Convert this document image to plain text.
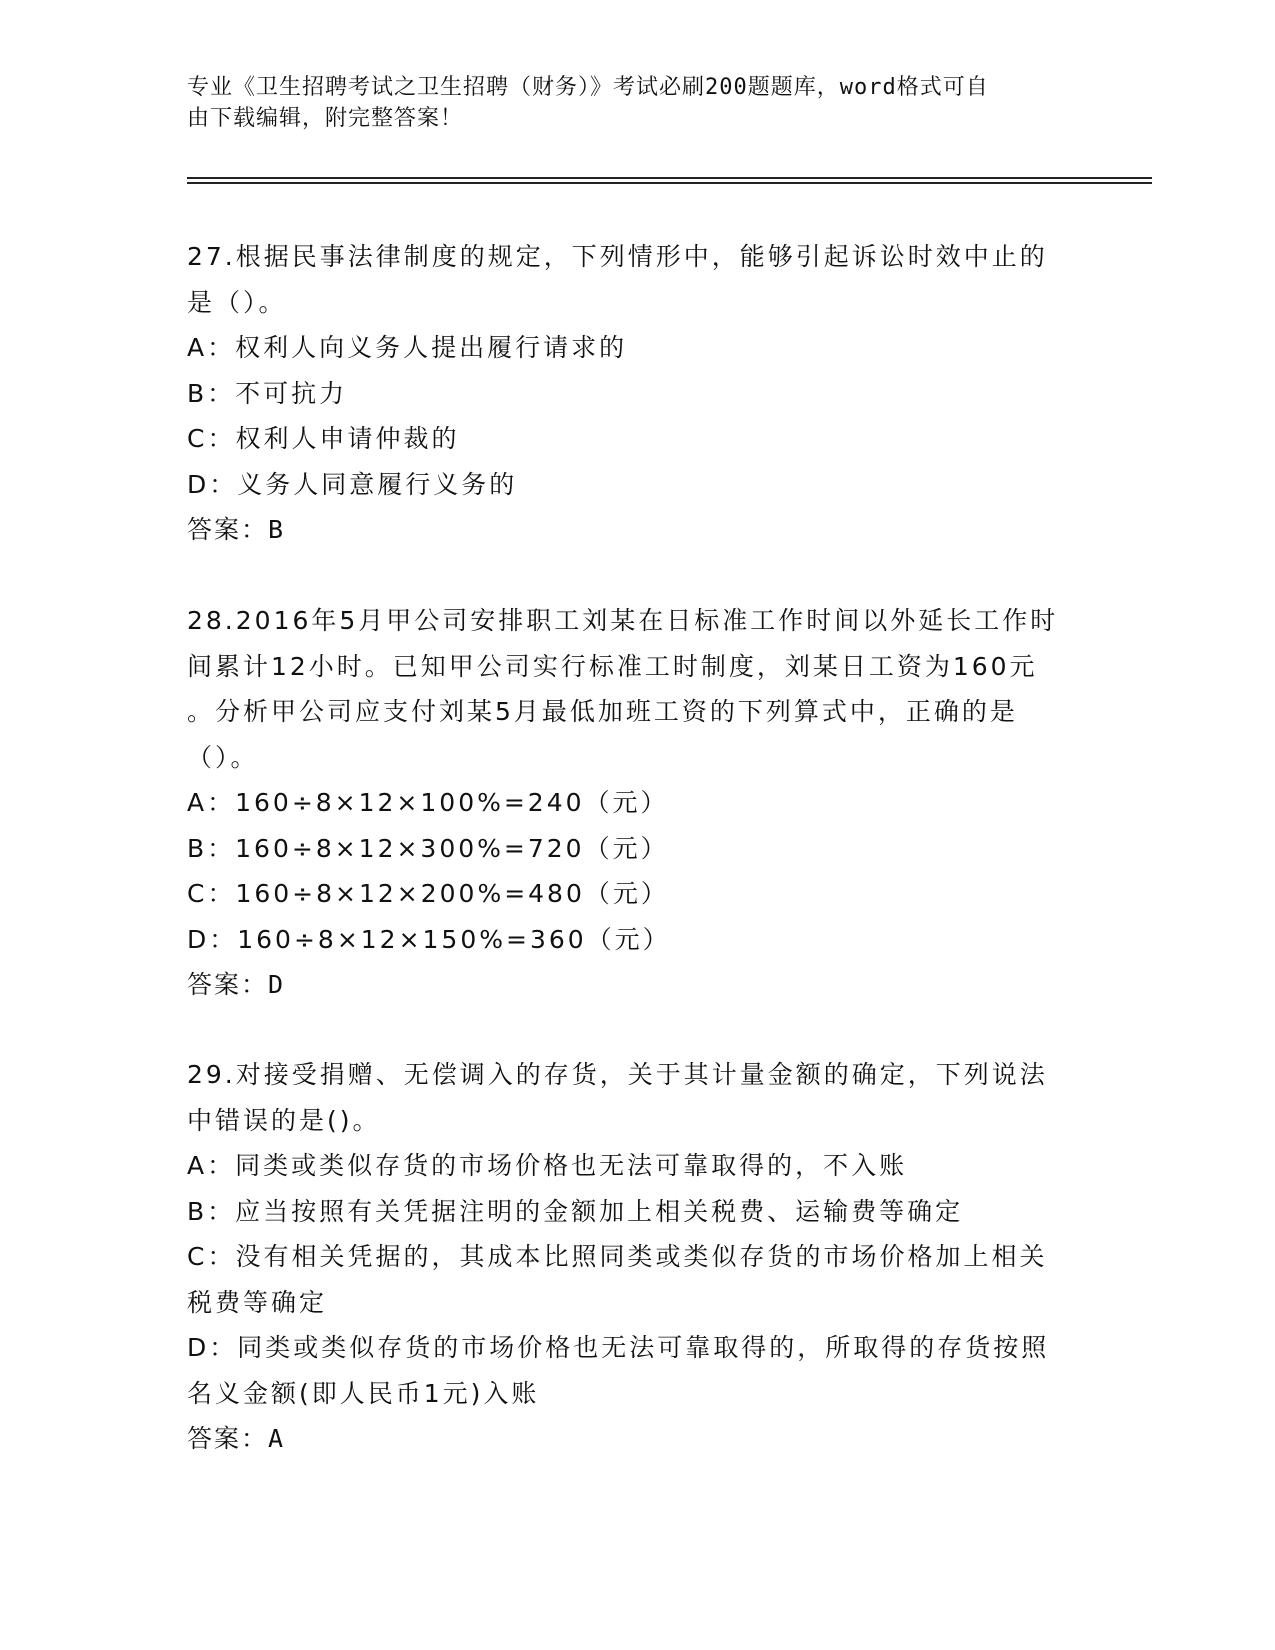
专业《卫生招聘考试之卫生招聘（财务）》考试必刷200题题库，word格式可自
由下载编辑，附完整答案！

27.根据民事法律制度的规定，下列情形中，能够引起诉讼时效中止的

是（）。

A：权利人向义务人提出履行请求的

B：不可抗力

C：权利人申请仲裁的

D：义务人同意履行义务的

答案：B

28.2016年5月甲公司安排职工刘某在日标准工作时间以外延长工作时

间累计12小时。已知甲公司实行标准工时制度，刘某日工资为160元

。分析甲公司应支付刘某5月最低加班工资的下列算式中，正确的是

（）。

A：160÷8×12×100%=240（元）

B：160÷8×12×300%=720（元）

C：160÷8×12×200%=480（元）

D：160÷8×12×150%=360（元）

答案：D

29.对接受捐赠、无偿调入的存货，关于其计量金额的确定，下列说法

中错误的是()。

A：同类或类似存货的市场价格也无法可靠取得的，不入账

B：应当按照有关凭据注明的金额加上相关税费、运输费等确定

C：没有相关凭据的，其成本比照同类或类似存货的市场价格加上相关

税费等确定

D：同类或类似存货的市场价格也无法可靠取得的，所取得的存货按照

名义金额(即人民币1元)入账

答案：A
